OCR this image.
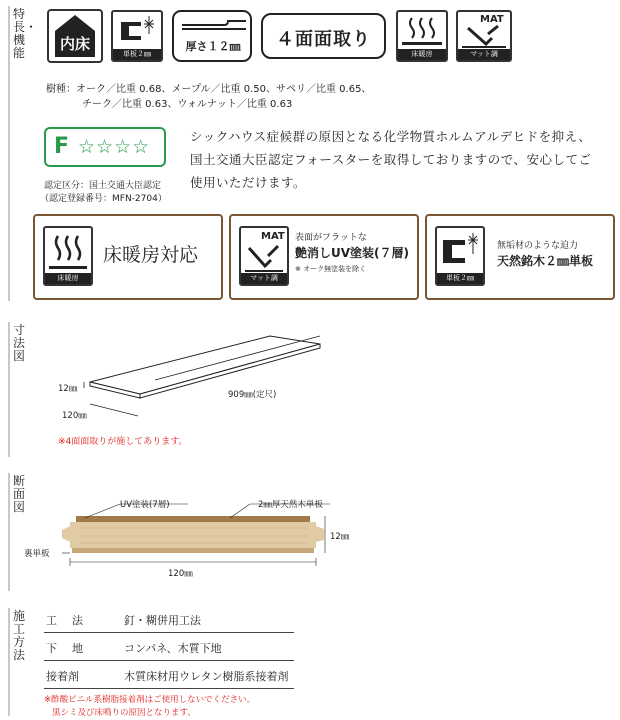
特長・機能	内床
単板２㎜
厚さ１２㎜	４面面取り
床暖房
MAT
マット調
樹種：オーク／比重 0.68、メープル／比重 0.50、サペリ／比重 0.65、
チーク／比重 0.63、ウォルナット／比重 0.63
F ☆☆☆☆
認定区分：国土交通大臣認定
（認定登録番号：MFN-2704）
シックハウス症候群の原因となる化学物質ホルムアルデヒドを抑え、国土交通大臣認定フォースターを取得しておりますので、安心してご使用いただけます。
床暖房
床暖房対応
MAT
マット調
表面がフラットな
艶消しUV塗装(７層)
※ オーク無塗装を除く
単板２㎜
無垢材のような迫力
天然銘木２㎜単板
寸法図
12㎜
120㎜
909㎜(定尺)
※4面面取りが施してあります。
断面図	UV塗装(7層)	2㎜厚天然木単板
12㎜
裏単板
120㎜
施工方法
工　法	釘・糊併用工法
下　地	コンパネ、木質下地
接着剤	木質床材用ウレタン樹脂系接着剤
※酢酸ビニル系樹脂接着剤はご使用しないでください。
黒シミ及び床鳴りの原因となります。
